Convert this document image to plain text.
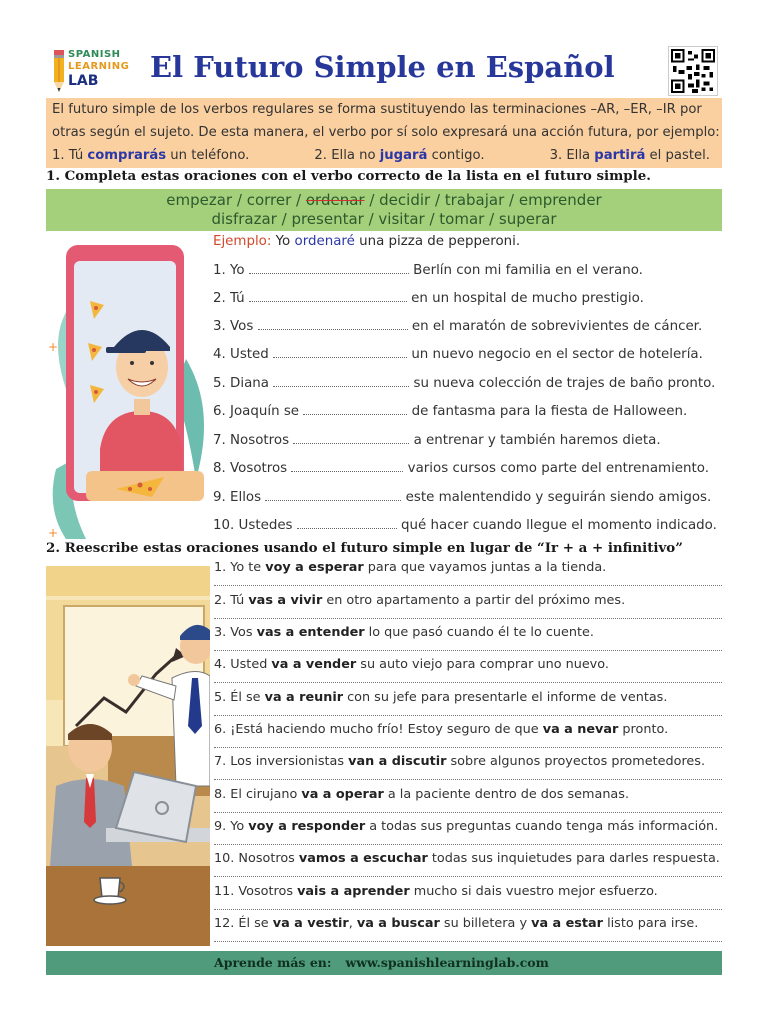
SPANISH
LEARNING
LAB	El Futuro Simple en Español

El futuro simple de los verbos regulares se forma sustituyendo las terminaciones –AR, –ER, –IR por

otras según el sujeto. De esta manera, el verbo por sí solo expresará una acción futura, por ejemplo:

1. Tú comprarás un teléfono.	2. Ella no jugará contigo.	3. Ella partirá el pastel.
1. Completa estas oraciones con el verbo correcto de la lista en el futuro simple.
empezar / correr / ordenar / decidir / trabajar / emprender
disfrazar / presentar / visitar / tomar / superar
+
+
Ejemplo: Yo ordenaré una pizza de pepperoni.
1. Yo	Berlín con mi familia en el verano.
2. Tú	en un hospital de mucho prestigio.
3. Vos	en el maratón de sobrevivientes de cáncer.
4. Usted	un nuevo negocio en el sector de hotelería.
5. Diana	su nueva colección de trajes de baño pronto.
6. Joaquín se	de fantasma para la fiesta de Halloween.
7. Nosotros	a entrenar y también haremos dieta.
8. Vosotros	varios cursos como parte del entrenamiento.
9. Ellos	este malentendido y seguirán siendo amigos.
10. Ustedes	qué hacer cuando llegue el momento indicado.
2. Reescribe estas oraciones usando el futuro simple en lugar de “Ir + a + infinitivo”
1. Yo te voy a esperar para que vayamos juntas a la tienda.
2. Tú vas a vivir en otro apartamento a partir del próximo mes.
3. Vos vas a entender lo que pasó cuando él te lo cuente.
4. Usted va a vender su auto viejo para comprar uno nuevo.
5. Él se va a reunir con su jefe para presentarle el informe de ventas.
6. ¡Está haciendo mucho frío! Estoy seguro de que va a nevar pronto.
7. Los inversionistas van a discutir sobre algunos proyectos prometedores.
8. El cirujano va a operar a la paciente dentro de dos semanas.
9. Yo voy a responder a todas sus preguntas cuando tenga más información.
10. Nosotros vamos a escuchar todas sus inquietudes para darles respuesta.
11. Vosotros vais a aprender mucho si dais vuestro mejor esfuerzo.
12. Él se va a vestir, va a buscar su billetera y va a estar listo para irse.
Aprende más en: www.spanishlearninglab.com
